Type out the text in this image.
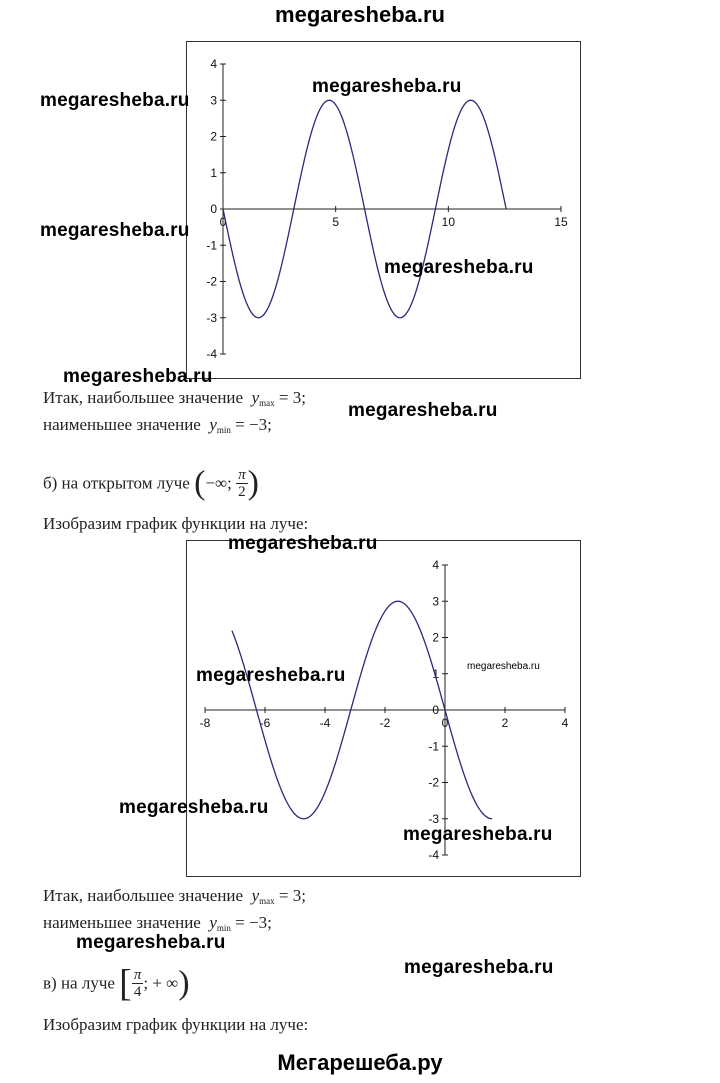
megaresheba.ru
4
3
2
1
0
-1
-2
-3
-4
0	5	10	15
4
3
2
1
0
-1
-2
-3
-4
-8	-6	-4	-2	0	2	4
Итак, наибольшее значение $y_{max} = 3$;
наименьшее значение $y_{min} = -3$;
б) на открытом луче (−∞; $\frac{\pi}{2}$ )
Изобразим график функции на луче:
Итак, наибольшее значение $y_{max} = 3$;
наименьшее значение $y_{min} = -3$;
в) на луче [ $\frac{\pi}{4}$ ; + ∞)
Изобразим график функции на луче:
megaresheba.ru
megaresheba.ru
megaresheba.ru
megaresheba.ru
megaresheba.ru
megaresheba.ru
megaresheba.ru
megaresheba.ru	megaresheba.ru
megaresheba.ru
megaresheba.ru
megaresheba.ru
megaresheba.ru
Мегарешеба.ру
